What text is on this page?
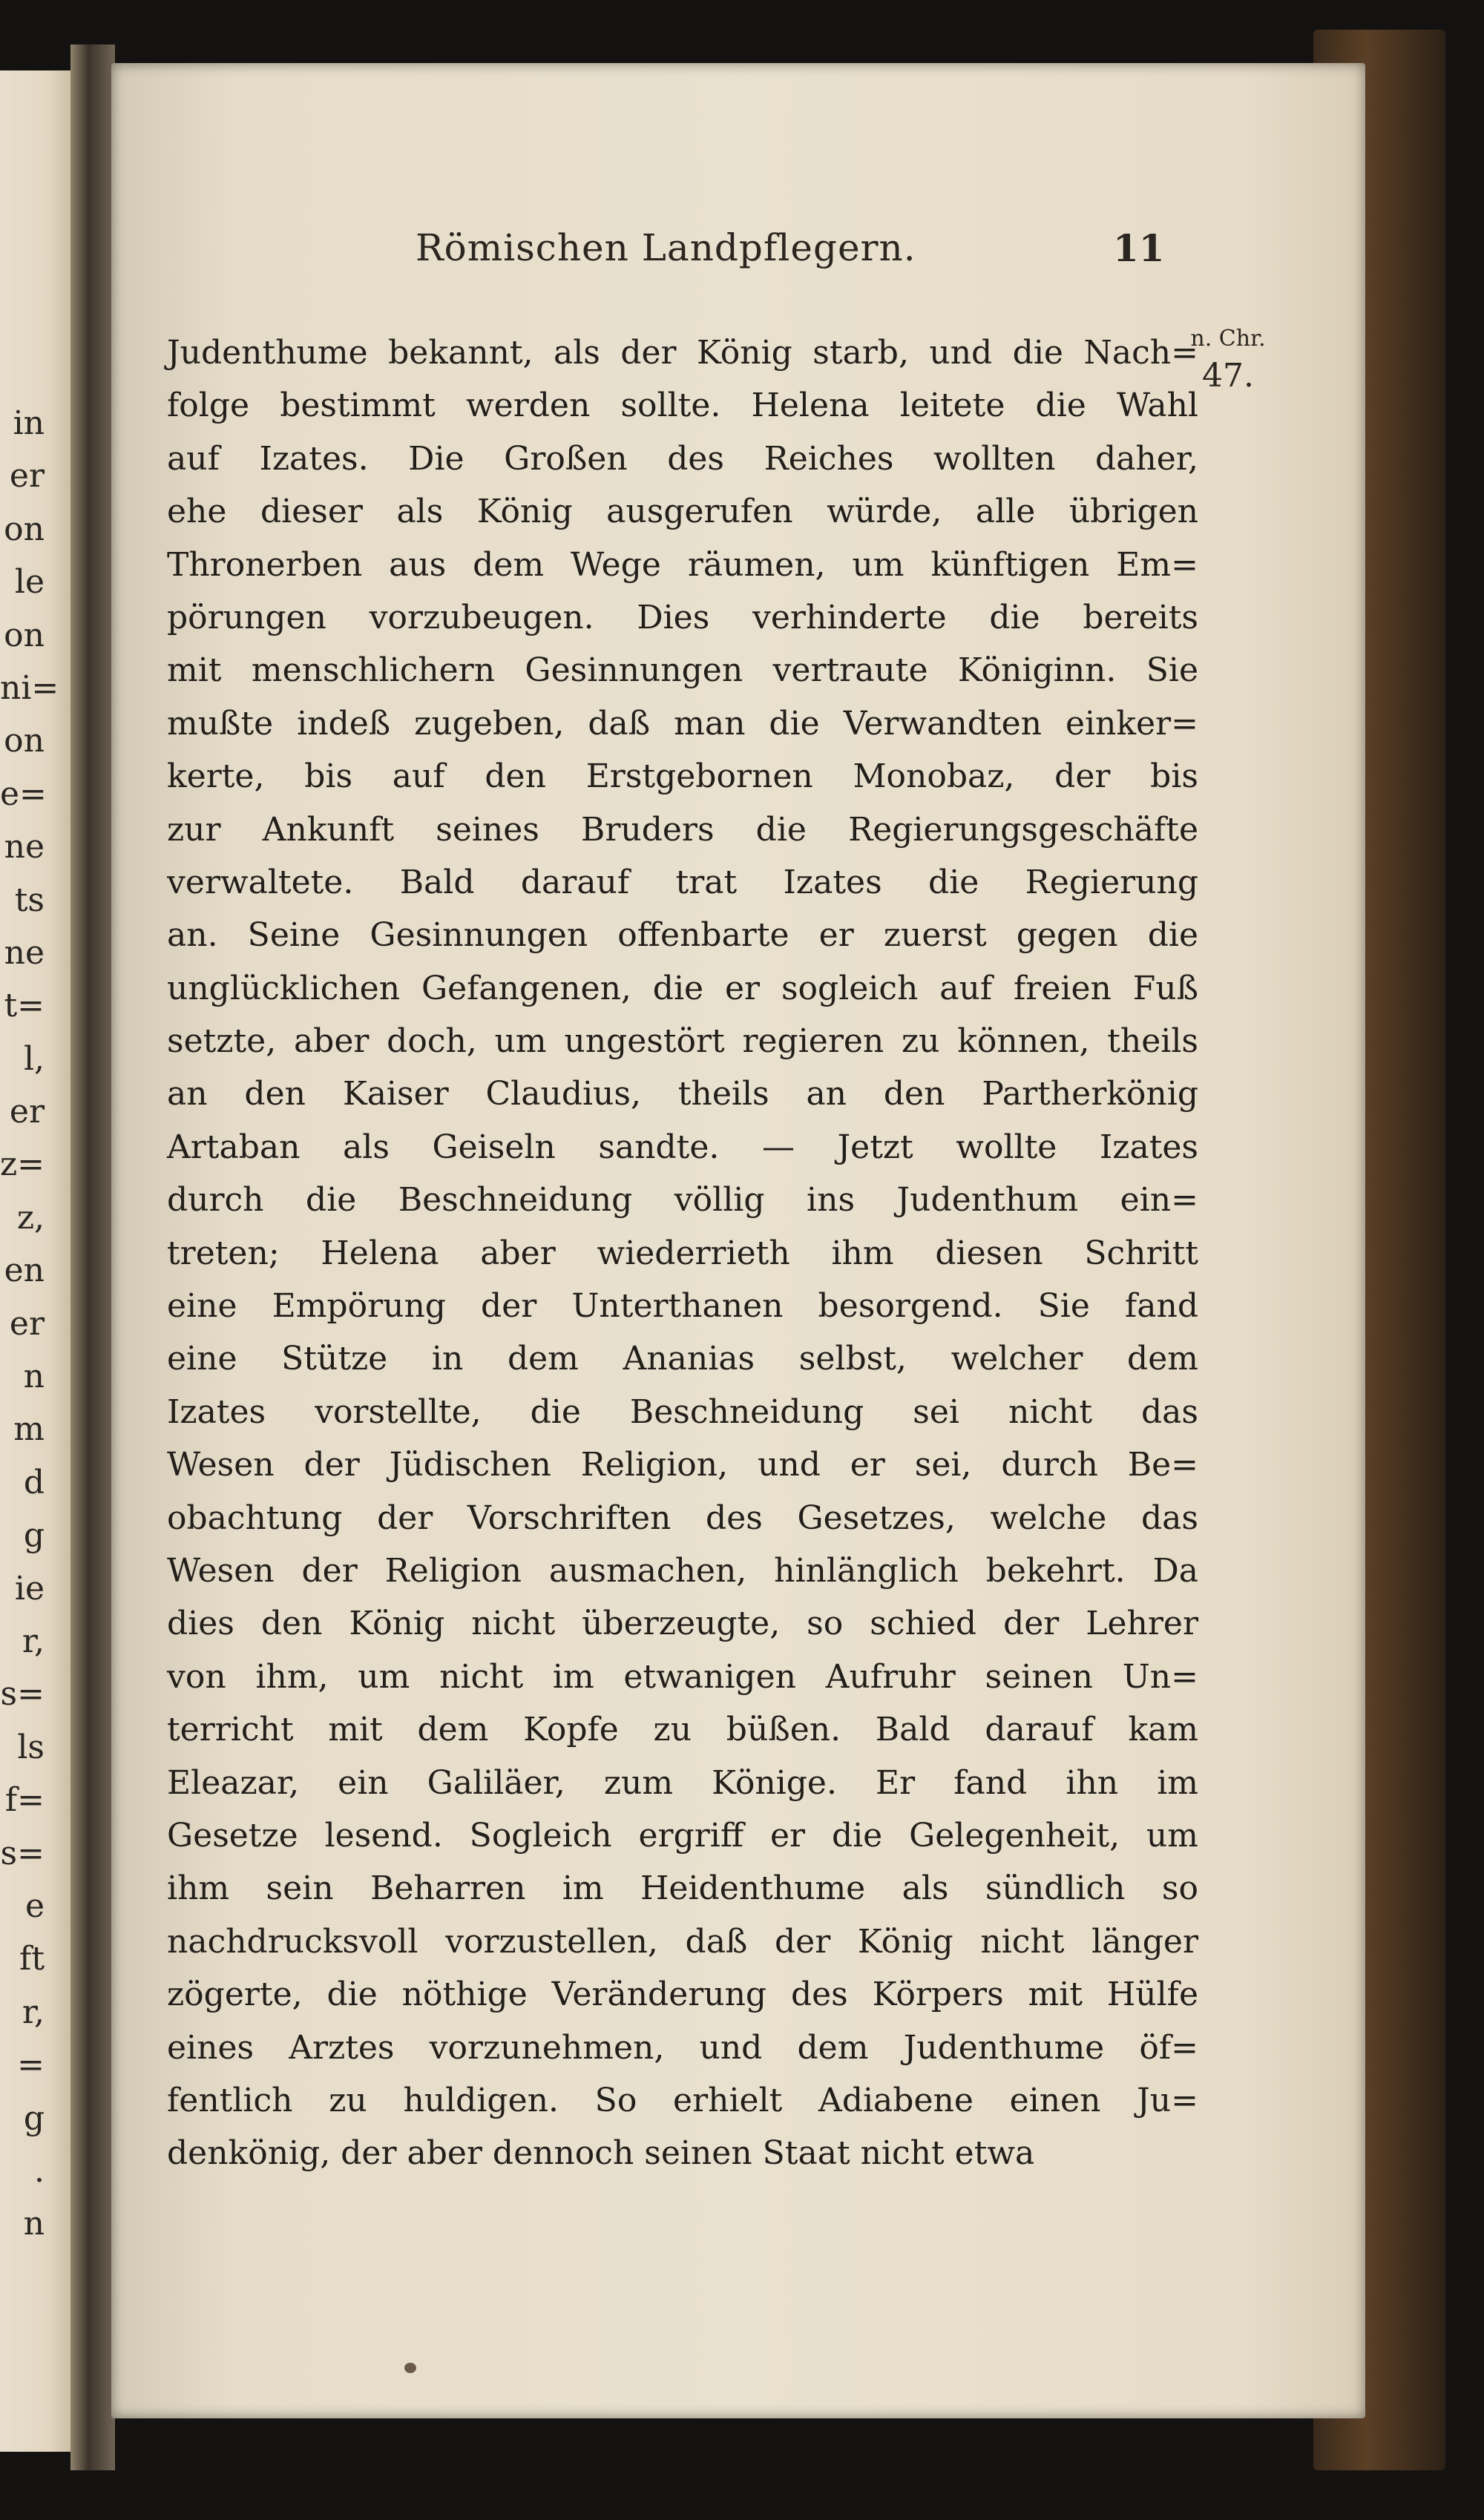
in
er
on
le
on
ni=
on
e=
ne
ts
ne
t=
l,
er
z=
z,
en
er
n
m
d
g
ie
r,
s=
ls
f=
s=
e
ft
r,
=
g
.
n
Römischen Landpflegern.	11
n. Chr.
47.
Judenthume bekannt, als der König starb, und die Nach=
folge bestimmt werden sollte. Helena leitete die Wahl
auf Izates. Die Großen des Reiches wollten daher,
ehe dieser als König ausgerufen würde, alle übrigen
Thronerben aus dem Wege räumen, um künftigen Em=
pörungen vorzubeugen. Dies verhinderte die bereits
mit menschlichern Gesinnungen vertraute Königinn. Sie
mußte indeß zugeben, daß man die Verwandten einker=
kerte, bis auf den Erstgebornen Monobaz, der bis
zur Ankunft seines Bruders die Regierungsgeschäfte
verwaltete. Bald darauf trat Izates die Regierung
an. Seine Gesinnungen offenbarte er zuerst gegen die
unglücklichen Gefangenen, die er sogleich auf freien Fuß
setzte, aber doch, um ungestört regieren zu können, theils
an den Kaiser Claudius, theils an den Partherkönig
Artaban als Geiseln sandte. — Jetzt wollte Izates
durch die Beschneidung völlig ins Judenthum ein=
treten; Helena aber wiederrieth ihm diesen Schritt
eine Empörung der Unterthanen besorgend. Sie fand
eine Stütze in dem Ananias selbst, welcher dem
Izates vorstellte, die Beschneidung sei nicht das
Wesen der Jüdischen Religion, und er sei, durch Be=
obachtung der Vorschriften des Gesetzes, welche das
Wesen der Religion ausmachen, hinlänglich bekehrt. Da
dies den König nicht überzeugte, so schied der Lehrer
von ihm, um nicht im etwanigen Aufruhr seinen Un=
terricht mit dem Kopfe zu büßen. Bald darauf kam
Eleazar, ein Galiläer, zum Könige. Er fand ihn im
Gesetze lesend. Sogleich ergriff er die Gelegenheit, um
ihm sein Beharren im Heidenthume als sündlich so
nachdrucksvoll vorzustellen, daß der König nicht länger
zögerte, die nöthige Veränderung des Körpers mit Hülfe
eines Arztes vorzunehmen, und dem Judenthume öf=
fentlich zu huldigen. So erhielt Adiabene einen Ju=
denkönig, der aber dennoch seinen Staat nicht etwa
